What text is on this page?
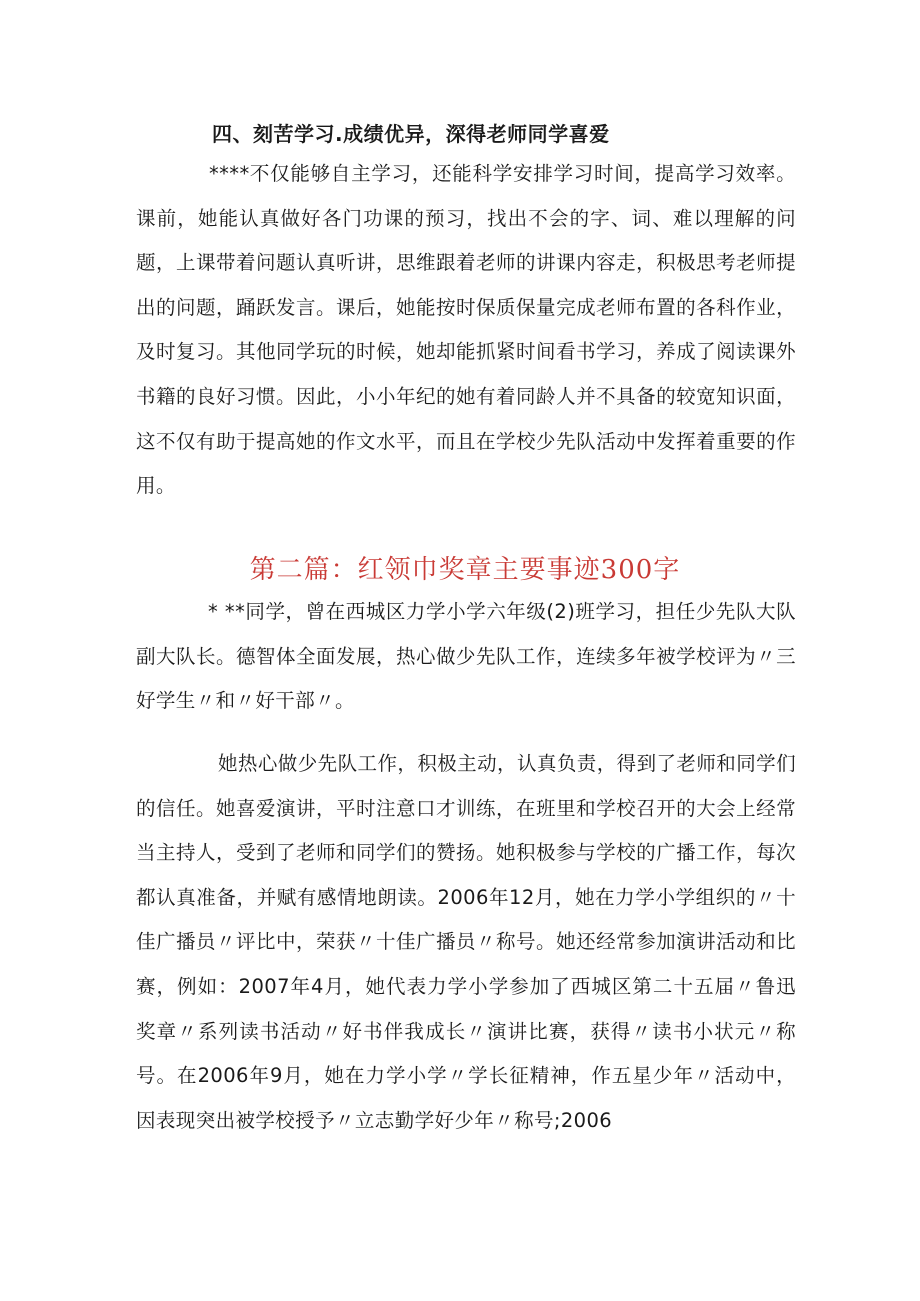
四、刻苦学习.成绩优异，深得老师同学喜爱

****不仅能够自主学习，还能科学安排学习时间，提高学习效率。课前，她能认真做好各门功课的预习，找出不会的字、词、难以理解的问题，上课带着问题认真听讲，思维跟着老师的讲课内容走，积极思考老师提出的问题，踊跃发言。课后，她能按时保质保量完成老师布置的各科作业，及时复习。其他同学玩的时候，她却能抓紧时间看书学习，养成了阅读课外书籍的良好习惯。因此，小小年纪的她有着同龄人并不具备的较宽知识面，这不仅有助于提高她的作文水平，而且在学校少先队活动中发挥着重要的作用。

第二篇：红领巾奖章主要事迹300字

* **同学，曾在西城区力学小学六年级(2)班学习，担任少先队大队副大队长。德智体全面发展，热心做少先队工作，连续多年被学校评为〃三好学生〃和〃好干部〃。

她热心做少先队工作，积极主动，认真负责，得到了老师和同学们的信任。她喜爱演讲，平时注意口才训练，在班里和学校召开的大会上经常当主持人，受到了老师和同学们的赞扬。她积极参与学校的广播工作，每次都认真准备，并赋有感情地朗读。2006年12月，她在力学小学组织的〃十佳广播员〃评比中，荣获〃十佳广播员〃称号。她还经常参加演讲活动和比赛，例如：2007年4月，她代表力学小学参加了西城区第二十五届〃鲁迅奖章〃系列读书活动〃好书伴我成长〃演讲比赛，获得〃读书小状元〃称号。在2006年9月，她在力学小学〃学长征精神，作五星少年〃活动中，因表现突出被学校授予〃立志勤学好少年〃称号;2006
